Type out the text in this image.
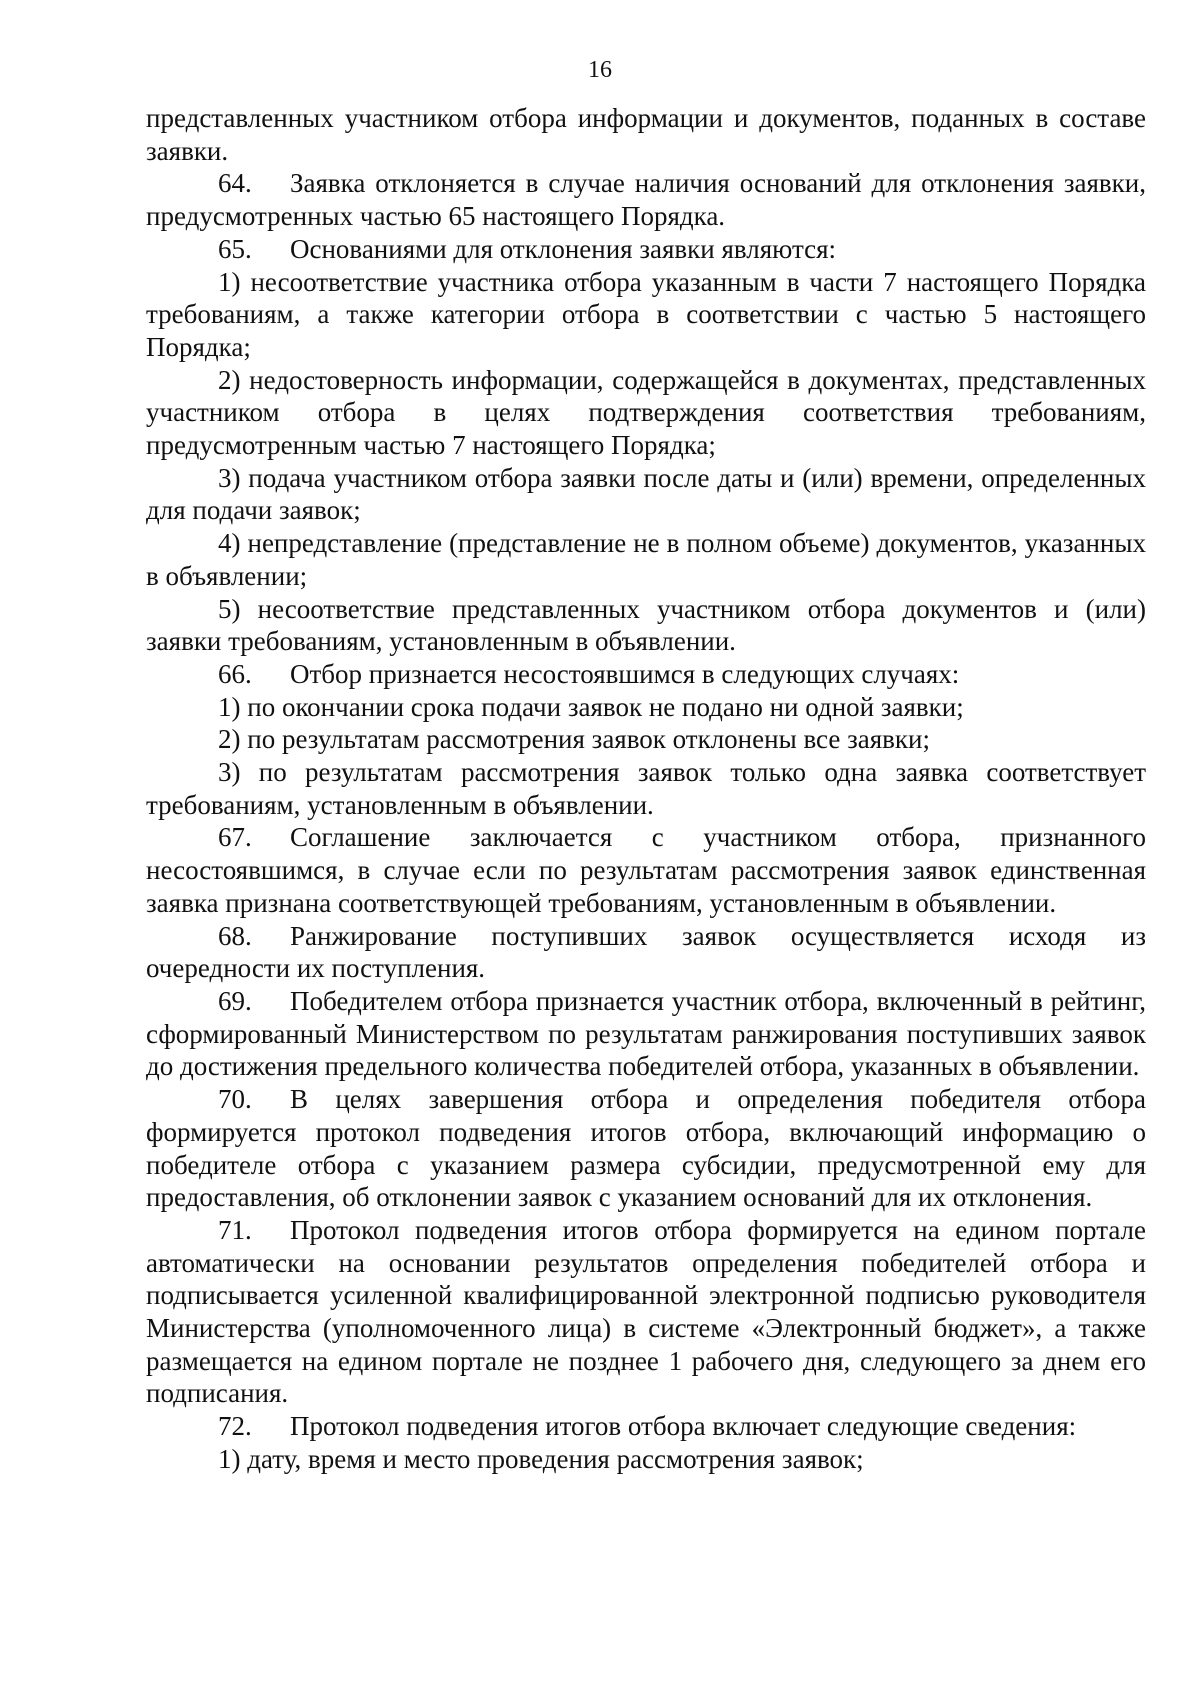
16

представленных участником отбора информации и документов, поданных в составе заявки.

64. Заявка отклоняется в случае наличия оснований для отклонения заявки, предусмотренных частью 65 настоящего Порядка.

65. Основаниями для отклонения заявки являются:

1) несоответствие участника отбора указанным в части 7 настоящего Порядка требованиям, а также категории отбора в соответствии с частью 5 настоящего Порядка;

2) недостоверность информации, содержащейся в документах, представленных участником отбора в целях подтверждения соответствия требованиям, предусмотренным частью 7 настоящего Порядка;

3) подача участником отбора заявки после даты и (или) времени, определенных для подачи заявок;

4) непредставление (представление не в полном объеме) документов, указанных в объявлении;

5) несоответствие представленных участником отбора документов и (или) заявки требованиям, установленным в объявлении.

66. Отбор признается несостоявшимся в следующих случаях:

1) по окончании срока подачи заявок не подано ни одной заявки;

2) по результатам рассмотрения заявок отклонены все заявки;

3) по результатам рассмотрения заявок только одна заявка соответствует требованиям, установленным в объявлении.

67. Соглашение заключается с участником отбора, признанного несостоявшимся, в случае если по результатам рассмотрения заявок единственная заявка признана соответствующей требованиям, установленным в объявлении.

68. Ранжирование поступивших заявок осуществляется исходя из очередности их поступления.

69. Победителем отбора признается участник отбора, включенный в рейтинг, сформированный Министерством по результатам ранжирования поступивших заявок до достижения предельного количества победителей отбора, указанных в объявлении.

70. В целях завершения отбора и определения победителя отбора формируется протокол подведения итогов отбора, включающий информацию о победителе отбора с указанием размера субсидии, предусмотренной ему для предоставления, об отклонении заявок с указанием оснований для их отклонения.

71. Протокол подведения итогов отбора формируется на едином портале автоматически на основании результатов определения победителей отбора и подписывается усиленной квалифицированной электронной подписью руководителя Министерства (уполномоченного лица) в системе «Электронный бюджет», а также размещается на едином портале не позднее 1 рабочего дня, следующего за днем его подписания.

72. Протокол подведения итогов отбора включает следующие сведения:

1) дату, время и место проведения рассмотрения заявок;
